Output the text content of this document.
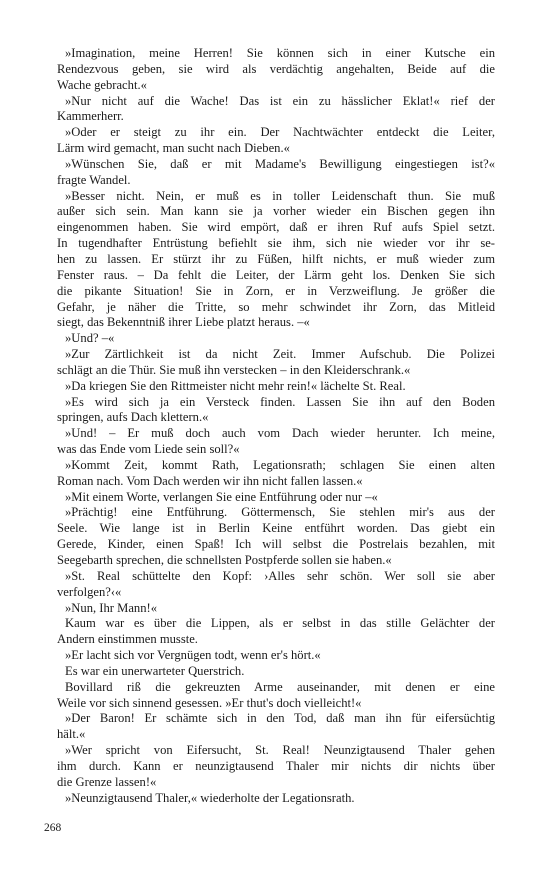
»Imagination, meine Herren! Sie können sich in einer Kutsche ein
Rendezvous geben, sie wird als verdächtig angehalten, Beide auf die
Wache gebracht.«
»Nur nicht auf die Wache! Das ist ein zu hässlicher Eklat!« rief der
Kammerherr.
»Oder er steigt zu ihr ein. Der Nachtwächter entdeckt die Leiter,
Lärm wird gemacht, man sucht nach Dieben.«
»Wünschen Sie, daß er mit Madame's Bewilligung eingestiegen ist?«
fragte Wandel.
»Besser nicht. Nein, er muß es in toller Leidenschaft thun. Sie muß
außer sich sein. Man kann sie ja vorher wieder ein Bischen gegen ihn
eingenommen haben. Sie wird empört, daß er ihren Ruf aufs Spiel setzt.
In tugendhafter Entrüstung befiehlt sie ihm, sich nie wieder vor ihr se-
hen zu lassen. Er stürzt ihr zu Füßen, hilft nichts, er muß wieder zum
Fenster raus. – Da fehlt die Leiter, der Lärm geht los. Denken Sie sich
die pikante Situation! Sie in Zorn, er in Verzweiflung. Je größer die
Gefahr, je näher die Tritte, so mehr schwindet ihr Zorn, das Mitleid
siegt, das Bekenntniß ihrer Liebe platzt heraus. –«
»Und? –«
»Zur Zärtlichkeit ist da nicht Zeit. Immer Aufschub. Die Polizei
schlägt an die Thür. Sie muß ihn verstecken – in den Kleiderschrank.«
»Da kriegen Sie den Rittmeister nicht mehr rein!« lächelte St. Real.
»Es wird sich ja ein Versteck finden. Lassen Sie ihn auf den Boden
springen, aufs Dach klettern.«
»Und! – Er muß doch auch vom Dach wieder herunter. Ich meine,
was das Ende vom Liede sein soll?«
»Kommt Zeit, kommt Rath, Legationsrath; schlagen Sie einen alten
Roman nach. Vom Dach werden wir ihn nicht fallen lassen.«
»Mit einem Worte, verlangen Sie eine Entführung oder nur –«
»Prächtig! eine Entführung. Göttermensch, Sie stehlen mir's aus der
Seele. Wie lange ist in Berlin Keine entführt worden. Das giebt ein
Gerede, Kinder, einen Spaß! Ich will selbst die Postrelais bezahlen, mit
Seegebarth sprechen, die schnellsten Postpferde sollen sie haben.«
»St. Real schüttelte den Kopf: ›Alles sehr schön. Wer soll sie aber
verfolgen?‹«
»Nun, Ihr Mann!«
Kaum war es über die Lippen, als er selbst in das stille Gelächter der
Andern einstimmen musste.
»Er lacht sich vor Vergnügen todt, wenn er's hört.«
Es war ein unerwarteter Querstrich.
Bovillard riß die gekreuzten Arme auseinander, mit denen er eine
Weile vor sich sinnend gesessen. »Er thut's doch vielleicht!«
»Der Baron! Er schämte sich in den Tod, daß man ihn für eifersüchtig
hält.«
»Wer spricht von Eifersucht, St. Real! Neunzigtausend Thaler gehen
ihm durch. Kann er neunzigtausend Thaler mir nichts dir nichts über
die Grenze lassen!«
»Neunzigtausend Thaler,« wiederholte der Legationsrath.
268
